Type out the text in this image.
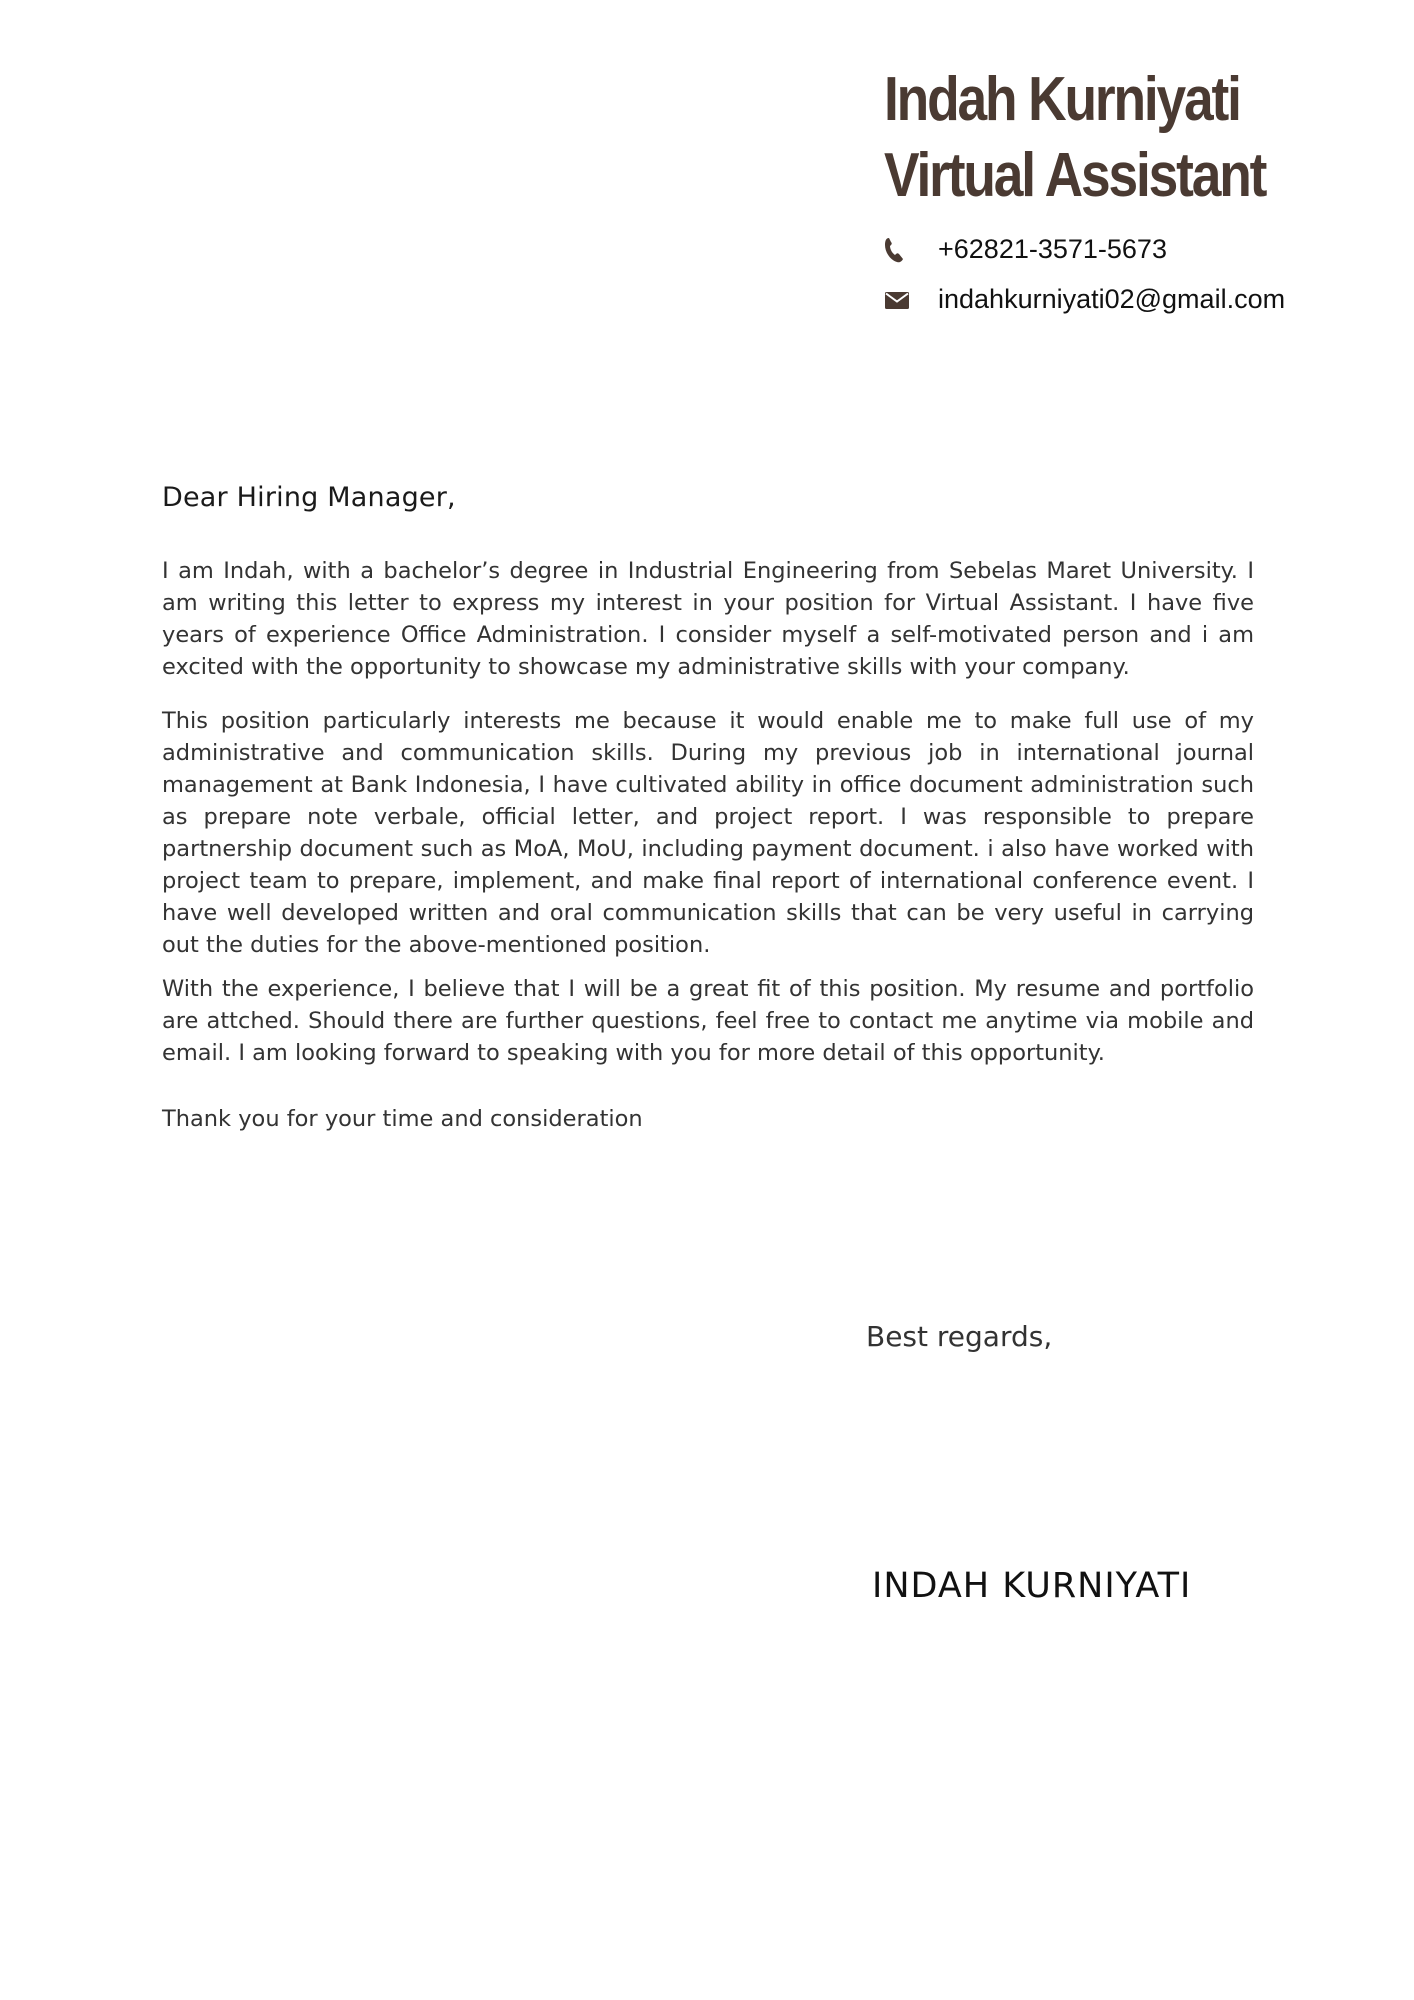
Indah Kurniyati
Virtual Assistant
+62821-3571-5673
indahkurniyati02@gmail.com

Dear Hiring Manager,

I am Indah, with a bachelor’s degree in Industrial Engineering from Sebelas Maret University. I am writing this letter to express my interest in your position for Virtual Assistant. I have five years of experience Office Administration. I consider myself a self-motivated person and i am excited with the opportunity to showcase my administrative skills with your company.

This position particularly interests me because it would enable me to make full use of my administrative and communication skills. During my previous job in international journal management at Bank Indonesia, I have cultivated ability in office document administration such as prepare note verbale, official letter, and project report. I was responsible to prepare partnership document such as MoA, MoU, including payment document. i also have worked with project team to prepare, implement, and make final report of international conference event. I have well developed written and oral communication skills that can be very useful in carrying out the duties for the above-mentioned position.

With the experience, I believe that I will be a great fit of this position. My resume and portfolio are attched. Should there are further questions, feel free to contact me anytime via mobile and email. I am looking forward to speaking with you for more detail of this opportunity.

Thank you for your time and consideration

Best regards,

INDAH KURNIYATI
